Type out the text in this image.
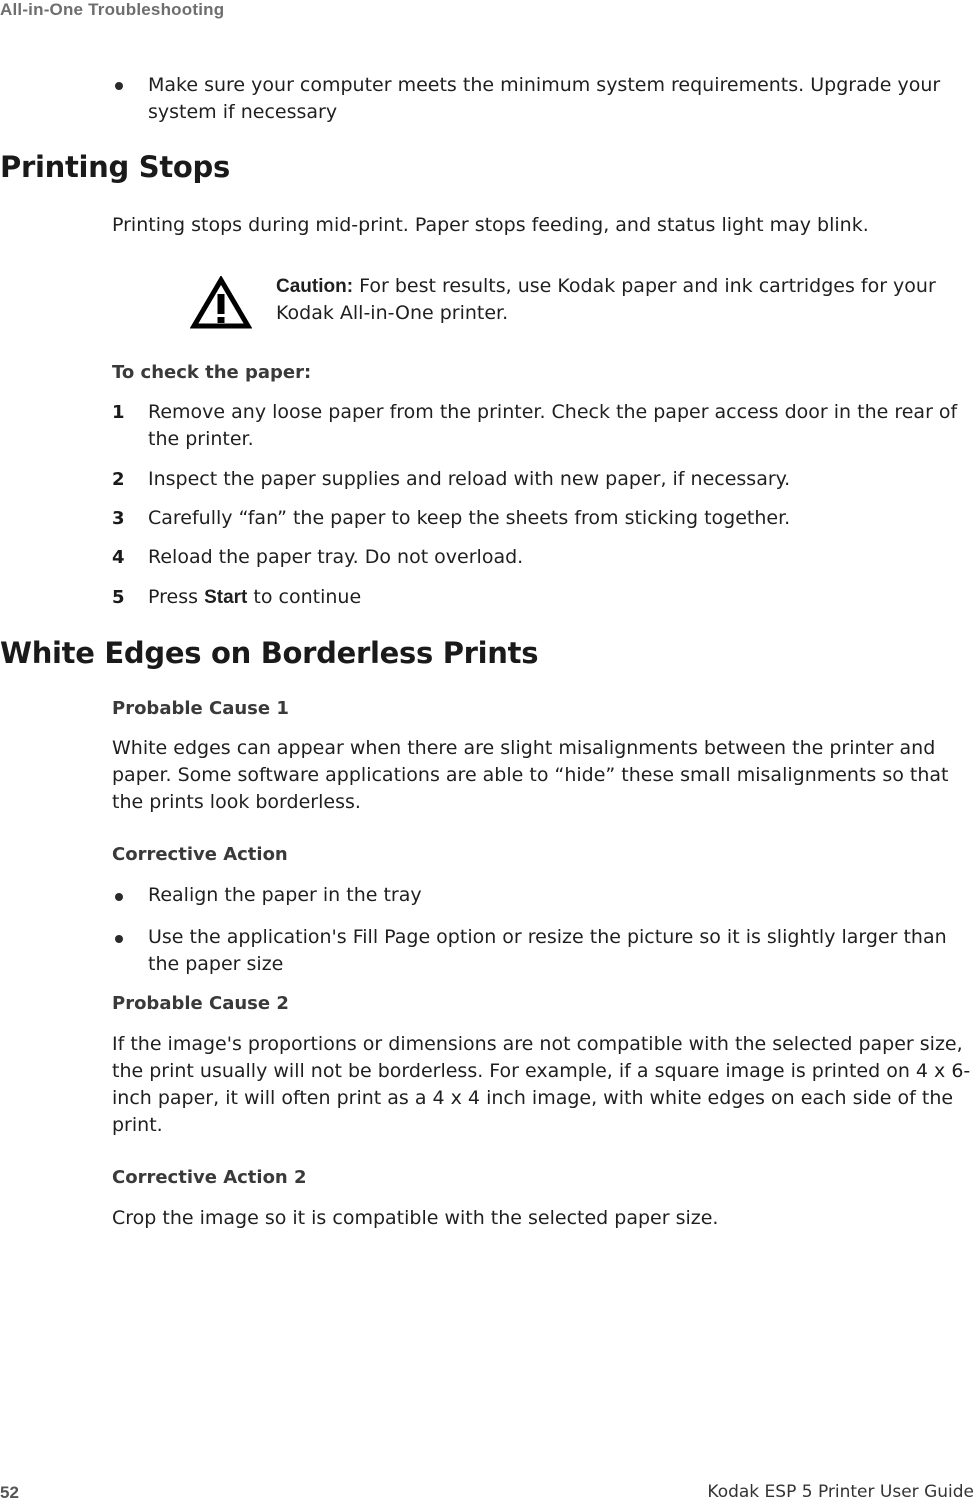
All-in-One Troubleshooting
Make sure your computer meets the minimum system requirements. Upgrade your system if necessary
Printing Stops
Printing stops during mid-print. Paper stops feeding, and status light may blink.
Caution: For best results, use Kodak paper and ink cartridges for your Kodak All-in-One printer.
To check the paper:
1 Remove any loose paper from the printer. Check the paper access door in the rear of the printer.
2 Inspect the paper supplies and reload with new paper, if necessary.
3 Carefully “fan” the paper to keep the sheets from sticking together.
4 Reload the paper tray. Do not overload.
5 Press Start to continue
White Edges on Borderless Prints
Probable Cause 1
White edges can appear when there are slight misalignments between the printer and paper. Some software applications are able to “hide” these small misalignments so that the prints look borderless.
Corrective Action
Realign the paper in the tray
Use the application's Fill Page option or resize the picture so it is slightly larger than the paper size
Probable Cause 2
If the image's proportions or dimensions are not compatible with the selected paper size, the print usually will not be borderless. For example, if a square image is printed on 4 x 6-inch paper, it will often print as a 4 x 4 inch image, with white edges on each side of the print.
Corrective Action 2
Crop the image so it is compatible with the selected paper size.
52	Kodak ESP 5 Printer User Guide
